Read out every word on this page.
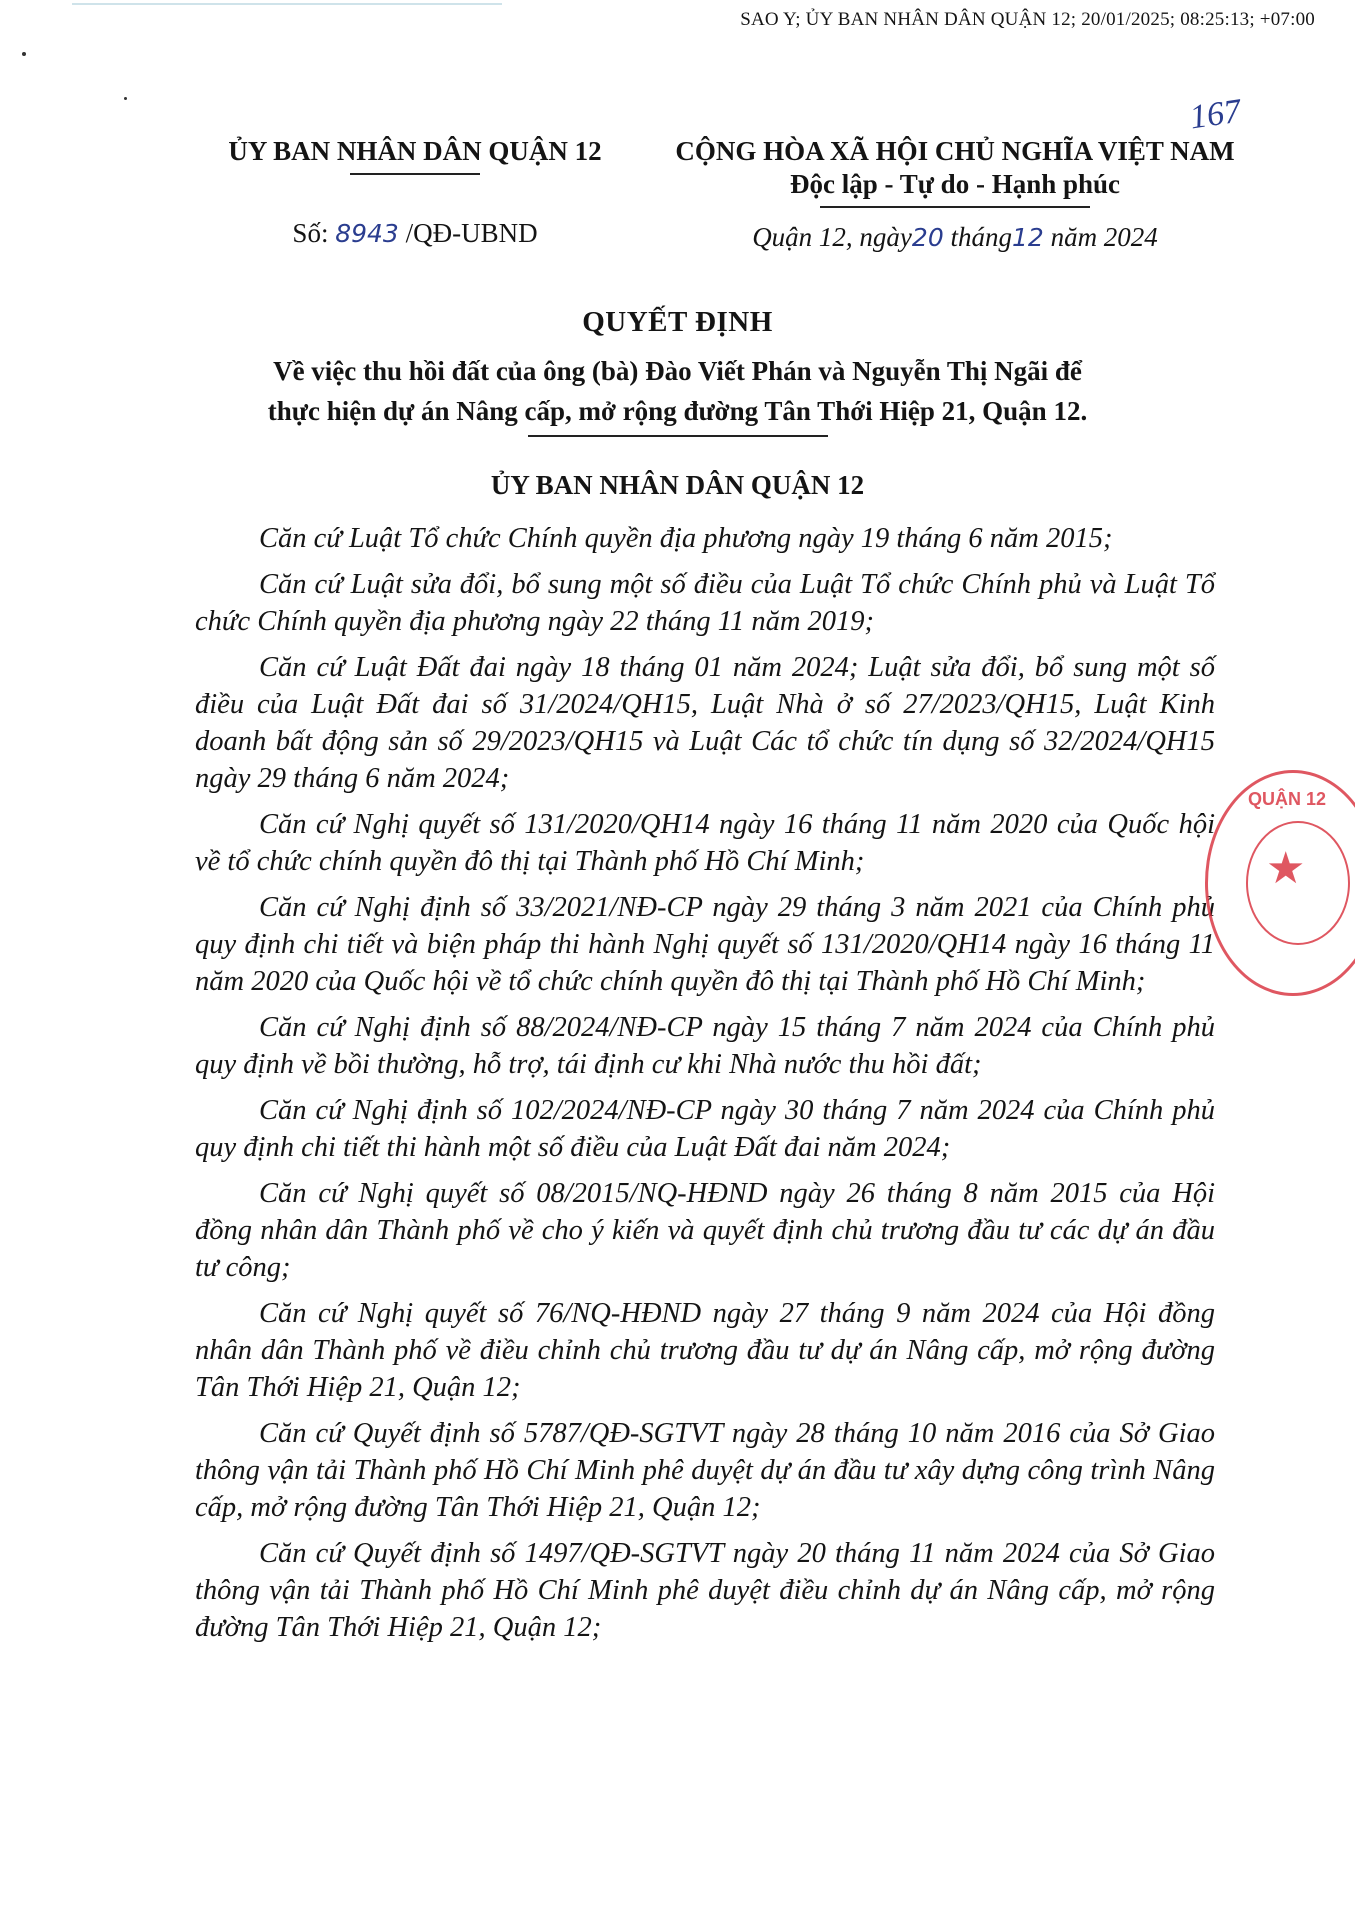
SAO Y; ỦY BAN NHÂN DÂN QUẬN 12; 20/01/2025; 08:25:13; +07:00
167
ỦY BAN NHÂN DÂN QUẬN 12	CỘNG HÒA XÃ HỘI CHỦ NGHĨA VIỆT NAM
Độc lập - Tự do - Hạnh phúc
Số: 8943 /QĐ-UBND	Quận 12, ngày20 tháng12 năm 2024
QUYẾT ĐỊNH
Về việc thu hồi đất của ông (bà) Đào Viết Phán và Nguyễn Thị Ngãi để
thực hiện dự án Nâng cấp, mở rộng đường Tân Thới Hiệp 21, Quận 12.
ỦY BAN NHÂN DÂN QUẬN 12

Căn cứ Luật Tổ chức Chính quyền địa phương ngày 19 tháng 6 năm 2015;

Căn cứ Luật sửa đổi, bổ sung một số điều của Luật Tổ chức Chính phủ và Luật Tổ chức Chính quyền địa phương ngày 22 tháng 11 năm 2019;

Căn cứ Luật Đất đai ngày 18 tháng 01 năm 2024; Luật sửa đổi, bổ sung một số điều của Luật Đất đai số 31/2024/QH15, Luật Nhà ở số 27/2023/QH15, Luật Kinh doanh bất động sản số 29/2023/QH15 và Luật Các tổ chức tín dụng số 32/2024/QH15 ngày 29 tháng 6 năm 2024;

Căn cứ Nghị quyết số 131/2020/QH14 ngày 16 tháng 11 năm 2020 của Quốc hội về tổ chức chính quyền đô thị tại Thành phố Hồ Chí Minh;

Căn cứ Nghị định số 33/2021/NĐ-CP ngày 29 tháng 3 năm 2021 của Chính phủ quy định chi tiết và biện pháp thi hành Nghị quyết số 131/2020/QH14 ngày 16 tháng 11 năm 2020 của Quốc hội về tổ chức chính quyền đô thị tại Thành phố Hồ Chí Minh;

Căn cứ Nghị định số 88/2024/NĐ-CP ngày 15 tháng 7 năm 2024 của Chính phủ quy định về bồi thường, hỗ trợ, tái định cư khi Nhà nước thu hồi đất;

Căn cứ Nghị định số 102/2024/NĐ-CP ngày 30 tháng 7 năm 2024 của Chính phủ quy định chi tiết thi hành một số điều của Luật Đất đai năm 2024;

Căn cứ Nghị quyết số 08/2015/NQ-HĐND ngày 26 tháng 8 năm 2015 của Hội đồng nhân dân Thành phố về cho ý kiến và quyết định chủ trương đầu tư các dự án đầu tư công;

Căn cứ Nghị quyết số 76/NQ-HĐND ngày 27 tháng 9 năm 2024 của Hội đồng nhân dân Thành phố về điều chỉnh chủ trương đầu tư dự án Nâng cấp, mở rộng đường Tân Thới Hiệp 21, Quận 12;

Căn cứ Quyết định số 5787/QĐ-SGTVT ngày 28 tháng 10 năm 2016 của Sở Giao thông vận tải Thành phố Hồ Chí Minh phê duyệt dự án đầu tư xây dựng công trình Nâng cấp, mở rộng đường Tân Thới Hiệp 21, Quận 12;

Căn cứ Quyết định số 1497/QĐ-SGTVT ngày 20 tháng 11 năm 2024 của Sở Giao thông vận tải Thành phố Hồ Chí Minh phê duyệt điều chỉnh dự án Nâng cấp, mở rộng đường Tân Thới Hiệp 21, Quận 12;

★
QUẬN 12
